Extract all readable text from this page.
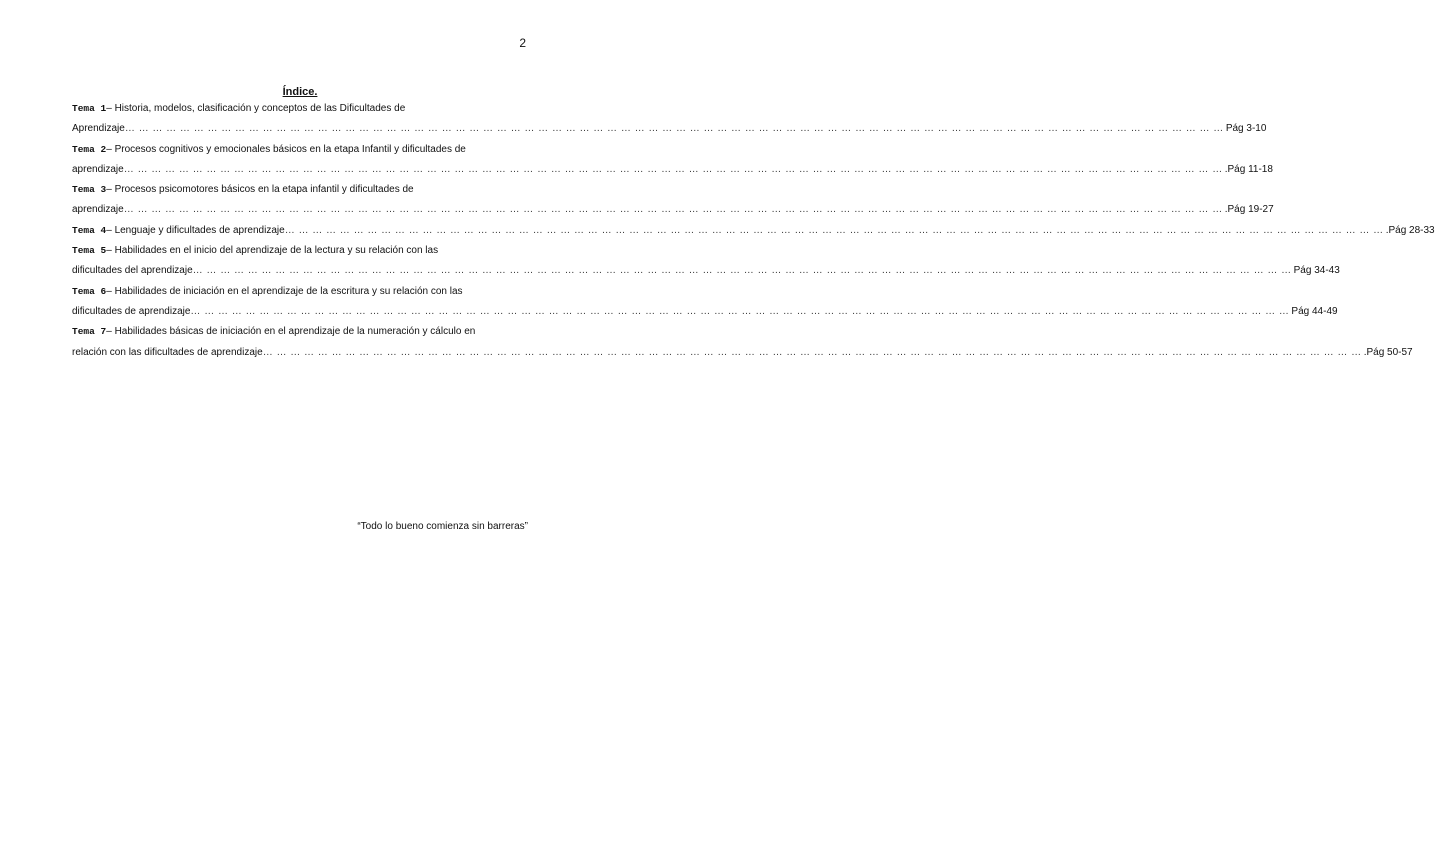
2
Índice.
Tema 1– Historia, modelos, clasificación y conceptos de las Dificultades de
Aprendizaje … … … … … … … … … … … … … … … … … … … … … … … … … … … … … … … … … … … … … … … … … … … … … … … … … … … … … … … … … … … … … … … … … … … … … … … … … … … … … … … … Pág 3-10
Tema 2– Procesos cognitivos y emocionales básicos en la etapa Infantil y dificultades de
aprendizaje … … … … … … … … … … … … … … … … … … … … … … … … … … … … … … … … … … … … … … … … … … … … … … … … … … … … … … … … … … … … … … … … … … … … … … … … … … … … … … … … .Pág 11-18
Tema 3– Procesos psicomotores básicos en la etapa infantil y dificultades de
aprendizaje … … … … … … … … … … … … … … … … … … … … … … … … … … … … … … … … … … … … … … … … … … … … … … … … … … … … … … … … … … … … … … … … … … … … … … … … … … … … … … … … .Pág 19-27
Tema 4– Lenguaje y dificultades de aprendizaje … … … … … … … … … … … … … … … … … … … … … … … … … … … … … … … … … … … … … … … … … … … … … … … … … … … … … … … … … … … … … … … … … … … … … … … … … … … … … … … … .Pág 28-33
Tema 5– Habilidades en el inicio del aprendizaje de la lectura y su relación con las
dificultades del aprendizaje … … … … … … … … … … … … … … … … … … … … … … … … … … … … … … … … … … … … … … … … … … … … … … … … … … … … … … … … … … … … … … … … … … … … … … … … … … … … … … … … Pág 34-43
Tema 6– Habilidades de iniciación en el aprendizaje de la escritura y su relación con las
dificultades de aprendizaje … … … … … … … … … … … … … … … … … … … … … … … … … … … … … … … … … … … … … … … … … … … … … … … … … … … … … … … … … … … … … … … … … … … … … … … … … … … … … … … … Pág 44-49
Tema 7– Habilidades básicas de iniciación en el aprendizaje de la numeración y cálculo en
relación con las dificultades de aprendizaje … … … … … … … … … … … … … … … … … … … … … … … … … … … … … … … … … … … … … … … … … … … … … … … … … … … … … … … … … … … … … … … … … … … … … … … … … … … … … … … … .Pág 50-57
“Todo lo bueno comienza sin barreras”
